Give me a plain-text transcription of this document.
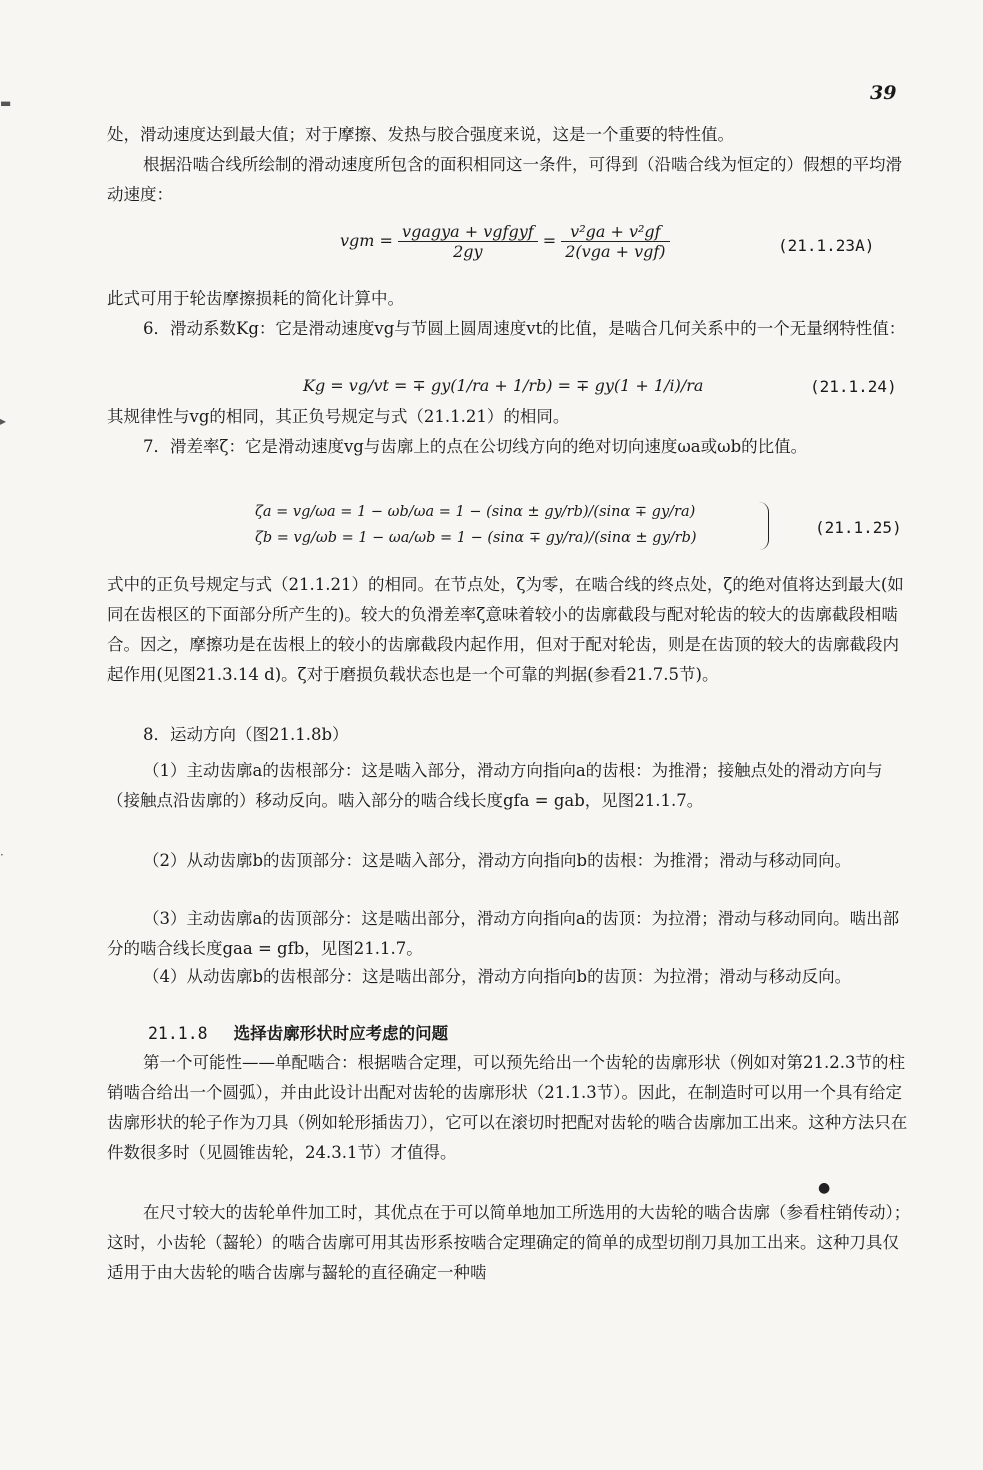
39
处，滑动速度达到最大值；对于摩擦、发热与胶合强度来说，这是一个重要的特性值。
根据沿啮合线所绘制的滑动速度所包含的面积相同这一条件，可得到（沿啮合线为恒定的）假想的平均滑动速度：
vgm = $\frac{\text{vgagya + vgfgyf}}{2gy} = \frac{\text{v²ga + v²gf}}{\text{2(vga + vgf)}}$	(21.1.23A)
此式可用于轮齿摩擦损耗的简化计算中。
6．滑动系数Kg：它是滑动速度vg与节圆上圆周速度vt的比值，是啮合几何关系中的一个无量纲特性值：
Kg = vg/vt = ∓ gy(1/ra + 1/rb) = ∓ gy(1 + 1/i)/ra	(21.1.24)
其规律性与vg的相同，其正负号规定与式（21.1.21）的相同。
7．滑差率ζ：它是滑动速度vg与齿廓上的点在公切线方向的绝对切向速度ωa或ωb的比值。
ζa = vg/ωa = 1 − ωb/ωa = 1 − (sinα ± gy/rb)/(sinα ∓ gy/ra)
ζb = vg/ωb = 1 − ωa/ωb = 1 − (sinα ∓ gy/ra)/(sinα ± gy/rb)
(21.1.25)
式中的正负号规定与式（21.1.21）的相同。在节点处，ζ为零，在啮合线的终点处，ζ的绝对值将达到最大(如同在齿根区的下面部分所产生的)。较大的负滑差率ζ意味着较小的齿廓截段与配对轮齿的较大的齿廓截段相啮合。因之，摩擦功是在齿根上的较小的齿廓截段内起作用，但对于配对轮齿，则是在齿顶的较大的齿廓截段内起作用(见图21.3.14 d)。ζ对于磨损负载状态也是一个可靠的判据(参看21.7.5节)。
8．运动方向（图21.1.8b）
（1）主动齿廓a的齿根部分：这是啮入部分，滑动方向指向a的齿根：为推滑；接触点处的滑动方向与（接触点沿齿廓的）移动反向。啮入部分的啮合线长度gfa = gab，见图21.1.7。
（2）从动齿廓b的齿顶部分：这是啮入部分，滑动方向指向b的齿根：为推滑；滑动与移动同向。
（3）主动齿廓a的齿顶部分：这是啮出部分，滑动方向指向a的齿顶：为拉滑；滑动与移动同向。啮出部分的啮合线长度gaa = gfb，见图21.1.7。
（4）从动齿廓b的齿根部分：这是啮出部分，滑动方向指向b的齿顶：为拉滑；滑动与移动反向。
21.1.8 选择齿廓形状时应考虑的问题
第一个可能性——单配啮合：根据啮合定理，可以预先给出一个齿轮的齿廓形状（例如对第21.2.3节的柱销啮合给出一个圆弧），并由此设计出配对齿轮的齿廓形状（21.1.3节）。因此，在制造时可以用一个具有给定齿廓形状的轮子作为刀具（例如轮形插齿刀），它可以在滚切时把配对齿轮的啮合齿廓加工出来。这种方法只在件数很多时（见圆锥齿轮，24.3.1节）才值得。
在尺寸较大的齿轮单件加工时，其优点在于可以简单地加工所选用的大齿轮的啮合齿廓（参看柱销传动）；这时，小齿轮（齧轮）的啮合齿廓可用其齿形系按啮合定理确定的简单的成型切削刀具加工出来。这种刀具仅适用于由大齿轮的啮合齿廓与齧轮的直径确定一种啮
▬
▸
·
●
